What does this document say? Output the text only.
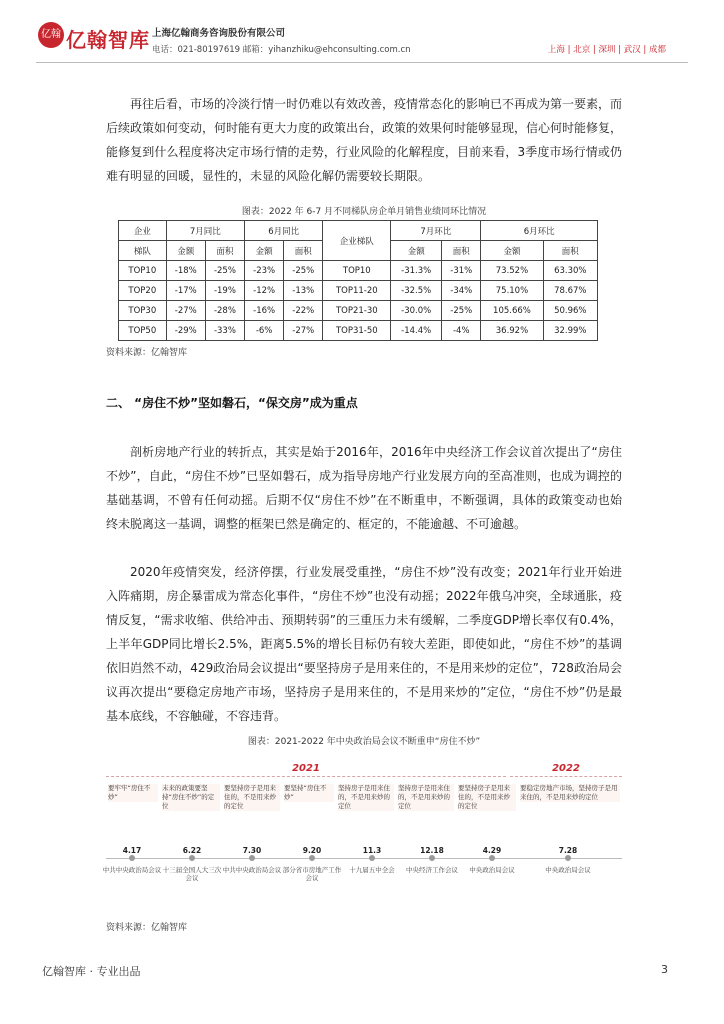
亿翰 亿翰智库 上海亿翰商务咨询股份有限公司
电话：021-80197619 邮箱：yihanzhiku@ehconsulting.com.cn	上海 | 北京 | 深圳 | 武汉 | 成都

再往后看，市场的冷淡行情一时仍难以有效改善，疫情常态化的影响已不再成为第一要素，而后续政策如何变动，何时能有更大力度的政策出台，政策的效果何时能够显现，信心何时能修复，能修复到什么程度将决定市场行情的走势，行业风险的化解程度，目前来看，3季度市场行情或仍难有明显的回暖，显性的，未显的风险化解仍需要较长期限。

图表：2022 年 6-7 月不同梯队房企单月销售业绩同环比情况
企业	7月同比		6月同比		企业梯队	7月环比		6月环比	
梯队	金额	面积	金额	面积		金额	面积	金额	面积
TOP10	-18%	-25%	-23%	-25%	TOP10	-31.3%	-31%	73.52%	63.30%
TOP20	-17%	-19%	-12%	-13%	TOP11-20	-32.5%	-34%	75.10%	78.67%
TOP30	-27%	-28%	-16%	-22%	TOP21-30	-30.0%	-25%	105.66%	50.96%
TOP50	-29%	-33%	-6%	-27%	TOP31-50	-14.4%	-4%	36.92%	32.99%
资料来源：亿翰智库
二、 “房住不炒”坚如磐石，“保交房”成为重点

剖析房地产行业的转折点，其实是始于2016年，2016年中央经济工作会议首次提出了“房住不炒”，自此，“房住不炒”已坚如磐石，成为指导房地产行业发展方向的至高准则，也成为调控的基础基调，不曾有任何动摇。后期不仅“房住不炒”在不断重申，不断强调，具体的政策变动也始终未脱离这一基调，调整的框架已然是确定的、框定的，不能逾越、不可逾越。

2020年疫情突发，经济停摆，行业发展受重挫，“房住不炒”没有改变；2021年行业开始进入阵痛期，房企暴雷成为常态化事件，“房住不炒”也没有动摇；2022年俄乌冲突，全球通胀，疫情反复，“需求收缩、供给冲击、预期转弱”的三重压力未有缓解，二季度GDP增长率仅有0.4%，上半年GDP同比增长2.5%，距离5.5%的增长目标仍有较大差距，即使如此，“房住不炒”的基调依旧岿然不动，429政治局会议提出“要坚持房子是用来住的，不是用来炒的定位”，728政治局会议再次提出“要稳定房地产市场，坚持房子是用来住的，不是用来炒的”定位，“房住不炒”仍是最基本底线，不容触碰，不容违背。

图表：2021-2022 年中央政治局会议不断重申“房住不炒”
2021	2022
要牢牢“房住不炒”
未来的政策要坚持“房住不炒”的定位
要坚持房子是用来住的，不是用来炒的定位
要坚持“房住不炒”
坚持房子是用来住的，不是用来炒的定位
坚持房子是用来住的，不是用来炒的定位
要坚持房子是用来住的，不是用来炒的定位
要稳定房地产市场，坚持房子是用来住的，不是用来炒的定位
4.17
中共中央政治局会议
6.22
十三届全国人大三次会议
7.30
中共中央政治局会议
9.20
部分省市房地产工作会议
11.3
十九届五中全会
12.18
中央经济工作会议
4.29
中央政治局会议
7.28
中央政治局会议
资料来源：亿翰智库
亿翰智库 · 专业出品	3
